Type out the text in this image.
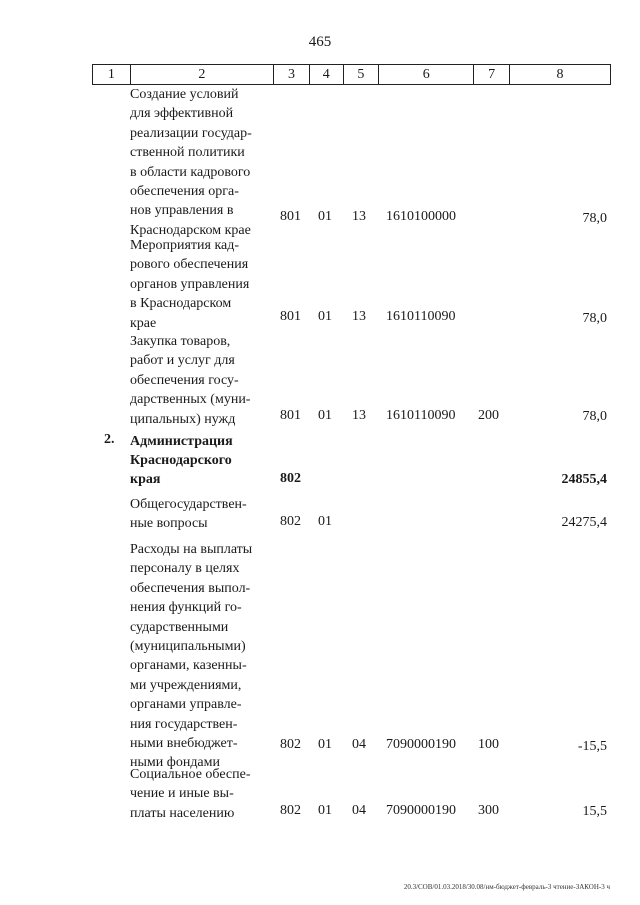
465
1	2	3	4	5	6	7	8
Создание условий
для эффективной
реализации государ-
ственной политики
в области кадрового
обеспечения орга-
нов управления в
Краснодарском крае
801 01 13 1610100000	78,0
Мероприятия кад-
рового обеспечения
органов управления
в Краснодарском
крае	801 01 13 1610110090	78,0
Закупка товаров,
работ и услуг для
обеспечения госу-
дарственных (муни-
ципальных) нужд	801 01 13 1610110090 200	78,0
2. Администрация
Краснодарского
края	802	24855,4
Общегосударствен-
ные вопросы	802 01	24275,4
Расходы на выплаты
персоналу в целях
обеспечения выпол-
нения функций го-
сударственными
(муниципальными)
органами, казенны-
ми учреждениями,
органами управле-
ния государствен-
ными внебюджет-
ными фондами
802 01 04 7090000190 100	-15,5
Социальное обеспе-
чение и иные вы-
платы населению	802 01 04 7090000190 300	15,5
20.3/СОВ/01.03.2018/30.08/нм-бюджет-февраль-3 чтение-ЗАКОН-3 ч
